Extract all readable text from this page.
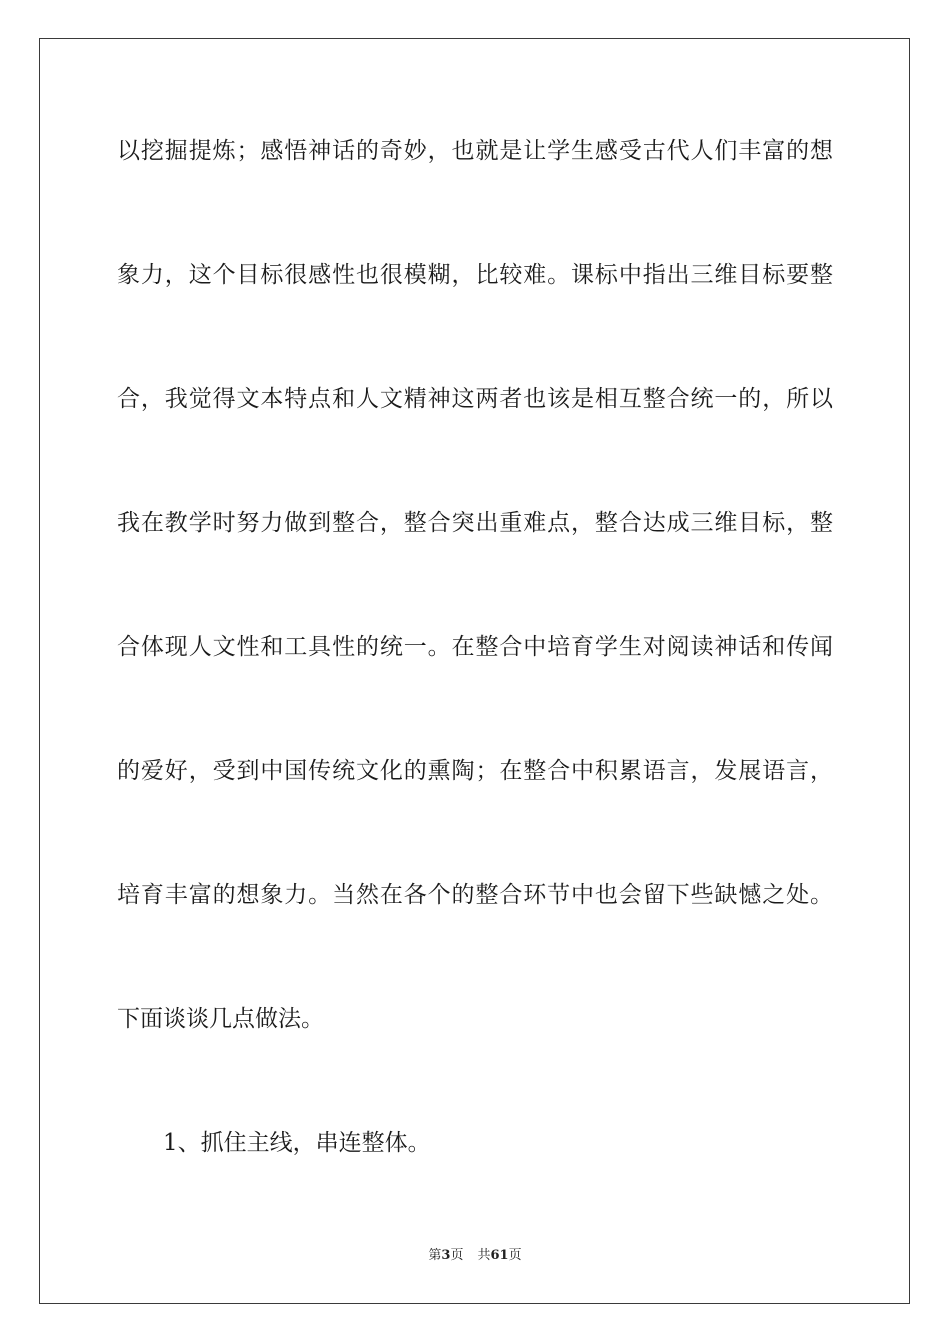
以挖掘提炼；感悟神话的奇妙，也就是让学生感受古代人们丰富的想
象力，这个目标很感性也很模糊，比较难。课标中指出三维目标要整
合，我觉得文本特点和人文精神这两者也该是相互整合统一的，所以
我在教学时努力做到整合，整合突出重难点，整合达成三维目标，整
合体现人文性和工具性的统一。在整合中培育学生对阅读神话和传闻
的爱好，受到中国传统文化的熏陶；在整合中积累语言，发展语言，
培育丰富的想象力。当然在各个的整合环节中也会留下些缺憾之处。
下面谈谈几点做法。
1、抓住主线，串连整体。
第3页 共61页
